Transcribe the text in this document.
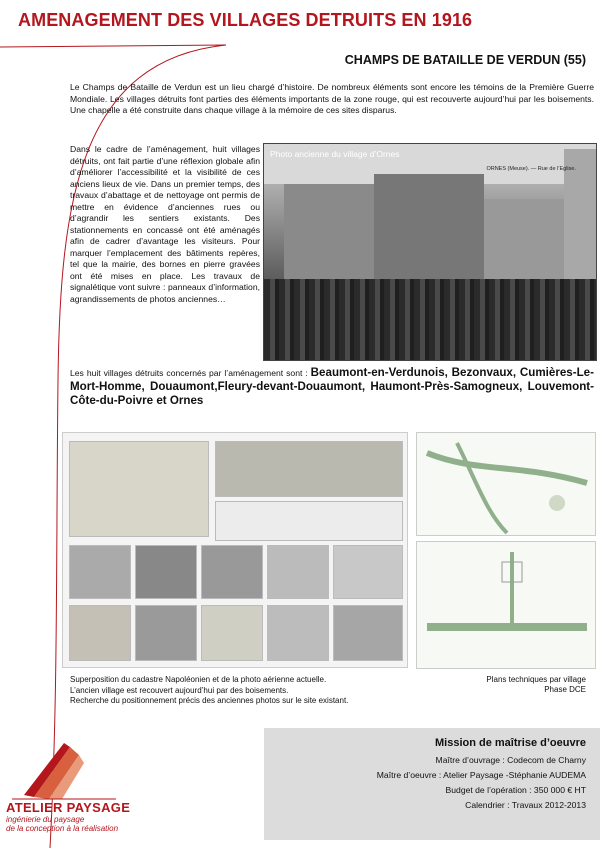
AMENAGEMENT DES VILLAGES DETRUITS EN 1916
CHAMPS DE BATAILLE DE VERDUN (55)

Le Champs de Bataille de Verdun est un lieu chargé d’histoire. De nombreux éléments sont encore les témoins de la Première Guerre Mondiale. Les villages détruits font parties des éléments importants de la zone rouge, qui est recouverte aujourd’hui par les boisements. Une chapelle a été construite dans chaque village à la mémoire de ces sites disparus.

Dans le cadre de l’aménagement, huit villages détruits, ont fait partie d’une réflexion globale afin d’améliorer l’accessibilité et la visibilité de ces anciens lieux de vie. Dans un premier temps, des travaux d’abattage et de nettoyage ont permis de mettre en évidence d’anciennes rues ou d’agrandir les sentiers existants. Des stationnements en concassé ont été aménagés afin de cadrer d’avantage les visiteurs. Pour marquer l’emplacement des bâtiments repères, tel que la mairie, des bornes en pierre gravées ont été mises en place. Les travaux de signalétique vont suivre : panneaux d’information, agrandissements de photos anciennes…

Photo ancienne du village d’Ornes
ORNES (Meuse). — Rue de l’Eglise.

Les huit villages détruits concernés par l’aménagement sont : Beaumont-en-Verdunois, Bezonvaux, Cumières-Le-Mort-Homme, Douaumont,Fleury-devant-Douaumont, Haumont-Près-Samogneux, Louvemont-Côte-du-Poivre et Ornes

Superposition du cadastre Napoléonien et de la photo aérienne actuelle.
L’ancien village est recouvert aujourd’hui par des boisements.
Recherche du positionnement précis des anciennes photos sur le site existant.
Plans techniques par village
Phase DCE
Mission de maîtrise d’oeuvre
Maître d’ouvrage : Codecom de Charny
Maître d’oeuvre : Atelier Paysage -Stéphanie AUDEMA
Budget de l’opération : 350 000 € HT
Calendrier : Travaux 2012-2013
ATELIER PAYSAGE
ingénierie du paysage
de la conception à la réalisation
